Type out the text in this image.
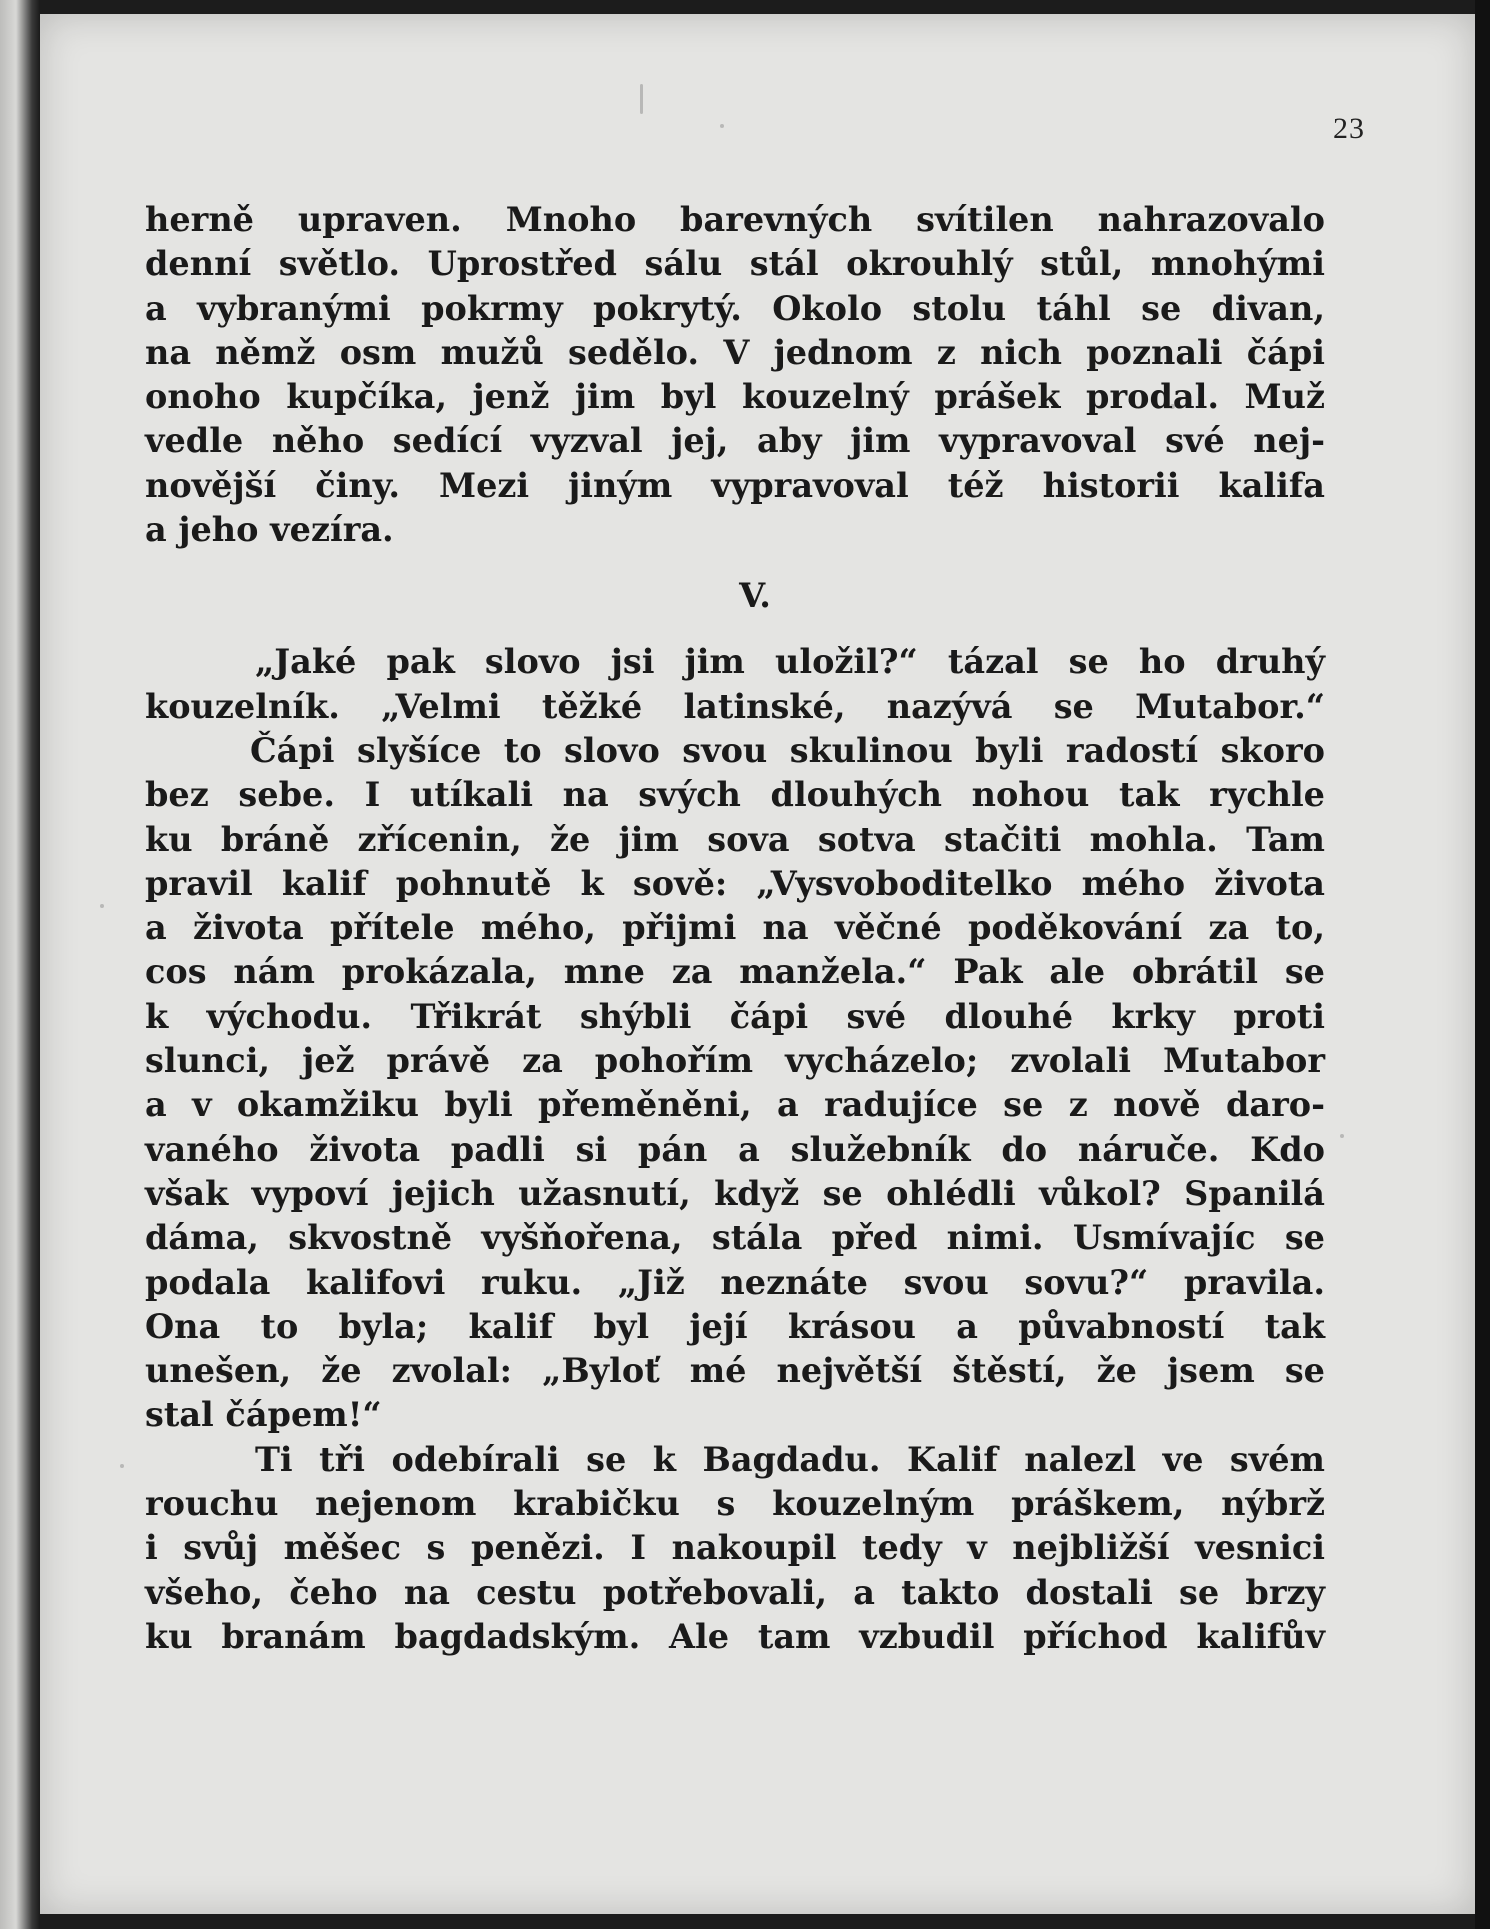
23
herně upraven. Mnoho barevných svítilen nahrazovalo
denní světlo. Uprostřed sálu stál okrouhlý stůl, mnohými
a vybranými pokrmy pokrytý. Okolo stolu táhl se divan,
na němž osm mužů sedělo. V jednom z nich poznali čápi
onoho kupčíka, jenž jim byl kouzelný prášek prodal. Muž
vedle něho sedící vyzval jej, aby jim vypravoval své nej-
novější činy. Mezi jiným vypravoval též historii kalifa
a jeho vezíra.
V.
„Jaké pak slovo jsi jim uložil?“ tázal se ho druhý
kouzelník. „Velmi těžké latinské, nazývá se Mutabor.“
Čápi slyšíce to slovo svou skulinou byli radostí skoro
bez sebe. I utíkali na svých dlouhých nohou tak rychle
ku bráně zřícenin, že jim sova sotva stačiti mohla. Tam
pravil kalif pohnutě k sově: „Vysvoboditelko mého života
a života přítele mého, přijmi na věčné poděkování za to,
cos nám prokázala, mne za manžela.“ Pak ale obrátil se
k východu. Třikrát shýbli čápi své dlouhé krky proti
slunci, jež právě za pohořím vycházelo; zvolali Mutabor
a v okamžiku byli přeměněni, a radujíce se z nově daro-
vaného života padli si pán a služebník do náruče. Kdo
však vypoví jejich užasnutí, když se ohlédli vůkol? Spanilá
dáma, skvostně vyšňořena, stála před nimi. Usmívajíc se
podala kalifovi ruku. „Již neznáte svou sovu?“ pravila.
Ona to byla; kalif byl její krásou a půvabností tak
unešen, že zvolal: „Byloť mé největší štěstí, že jsem se
stal čápem!“
Ti tři odebírali se k Bagdadu. Kalif nalezl ve svém
rouchu nejenom krabičku s kouzelným práškem, nýbrž
i svůj měšec s penězi. I nakoupil tedy v nejbližší vesnici
všeho, čeho na cestu potřebovali, a takto dostali se brzy
ku branám bagdadským. Ale tam vzbudil příchod kalifův
